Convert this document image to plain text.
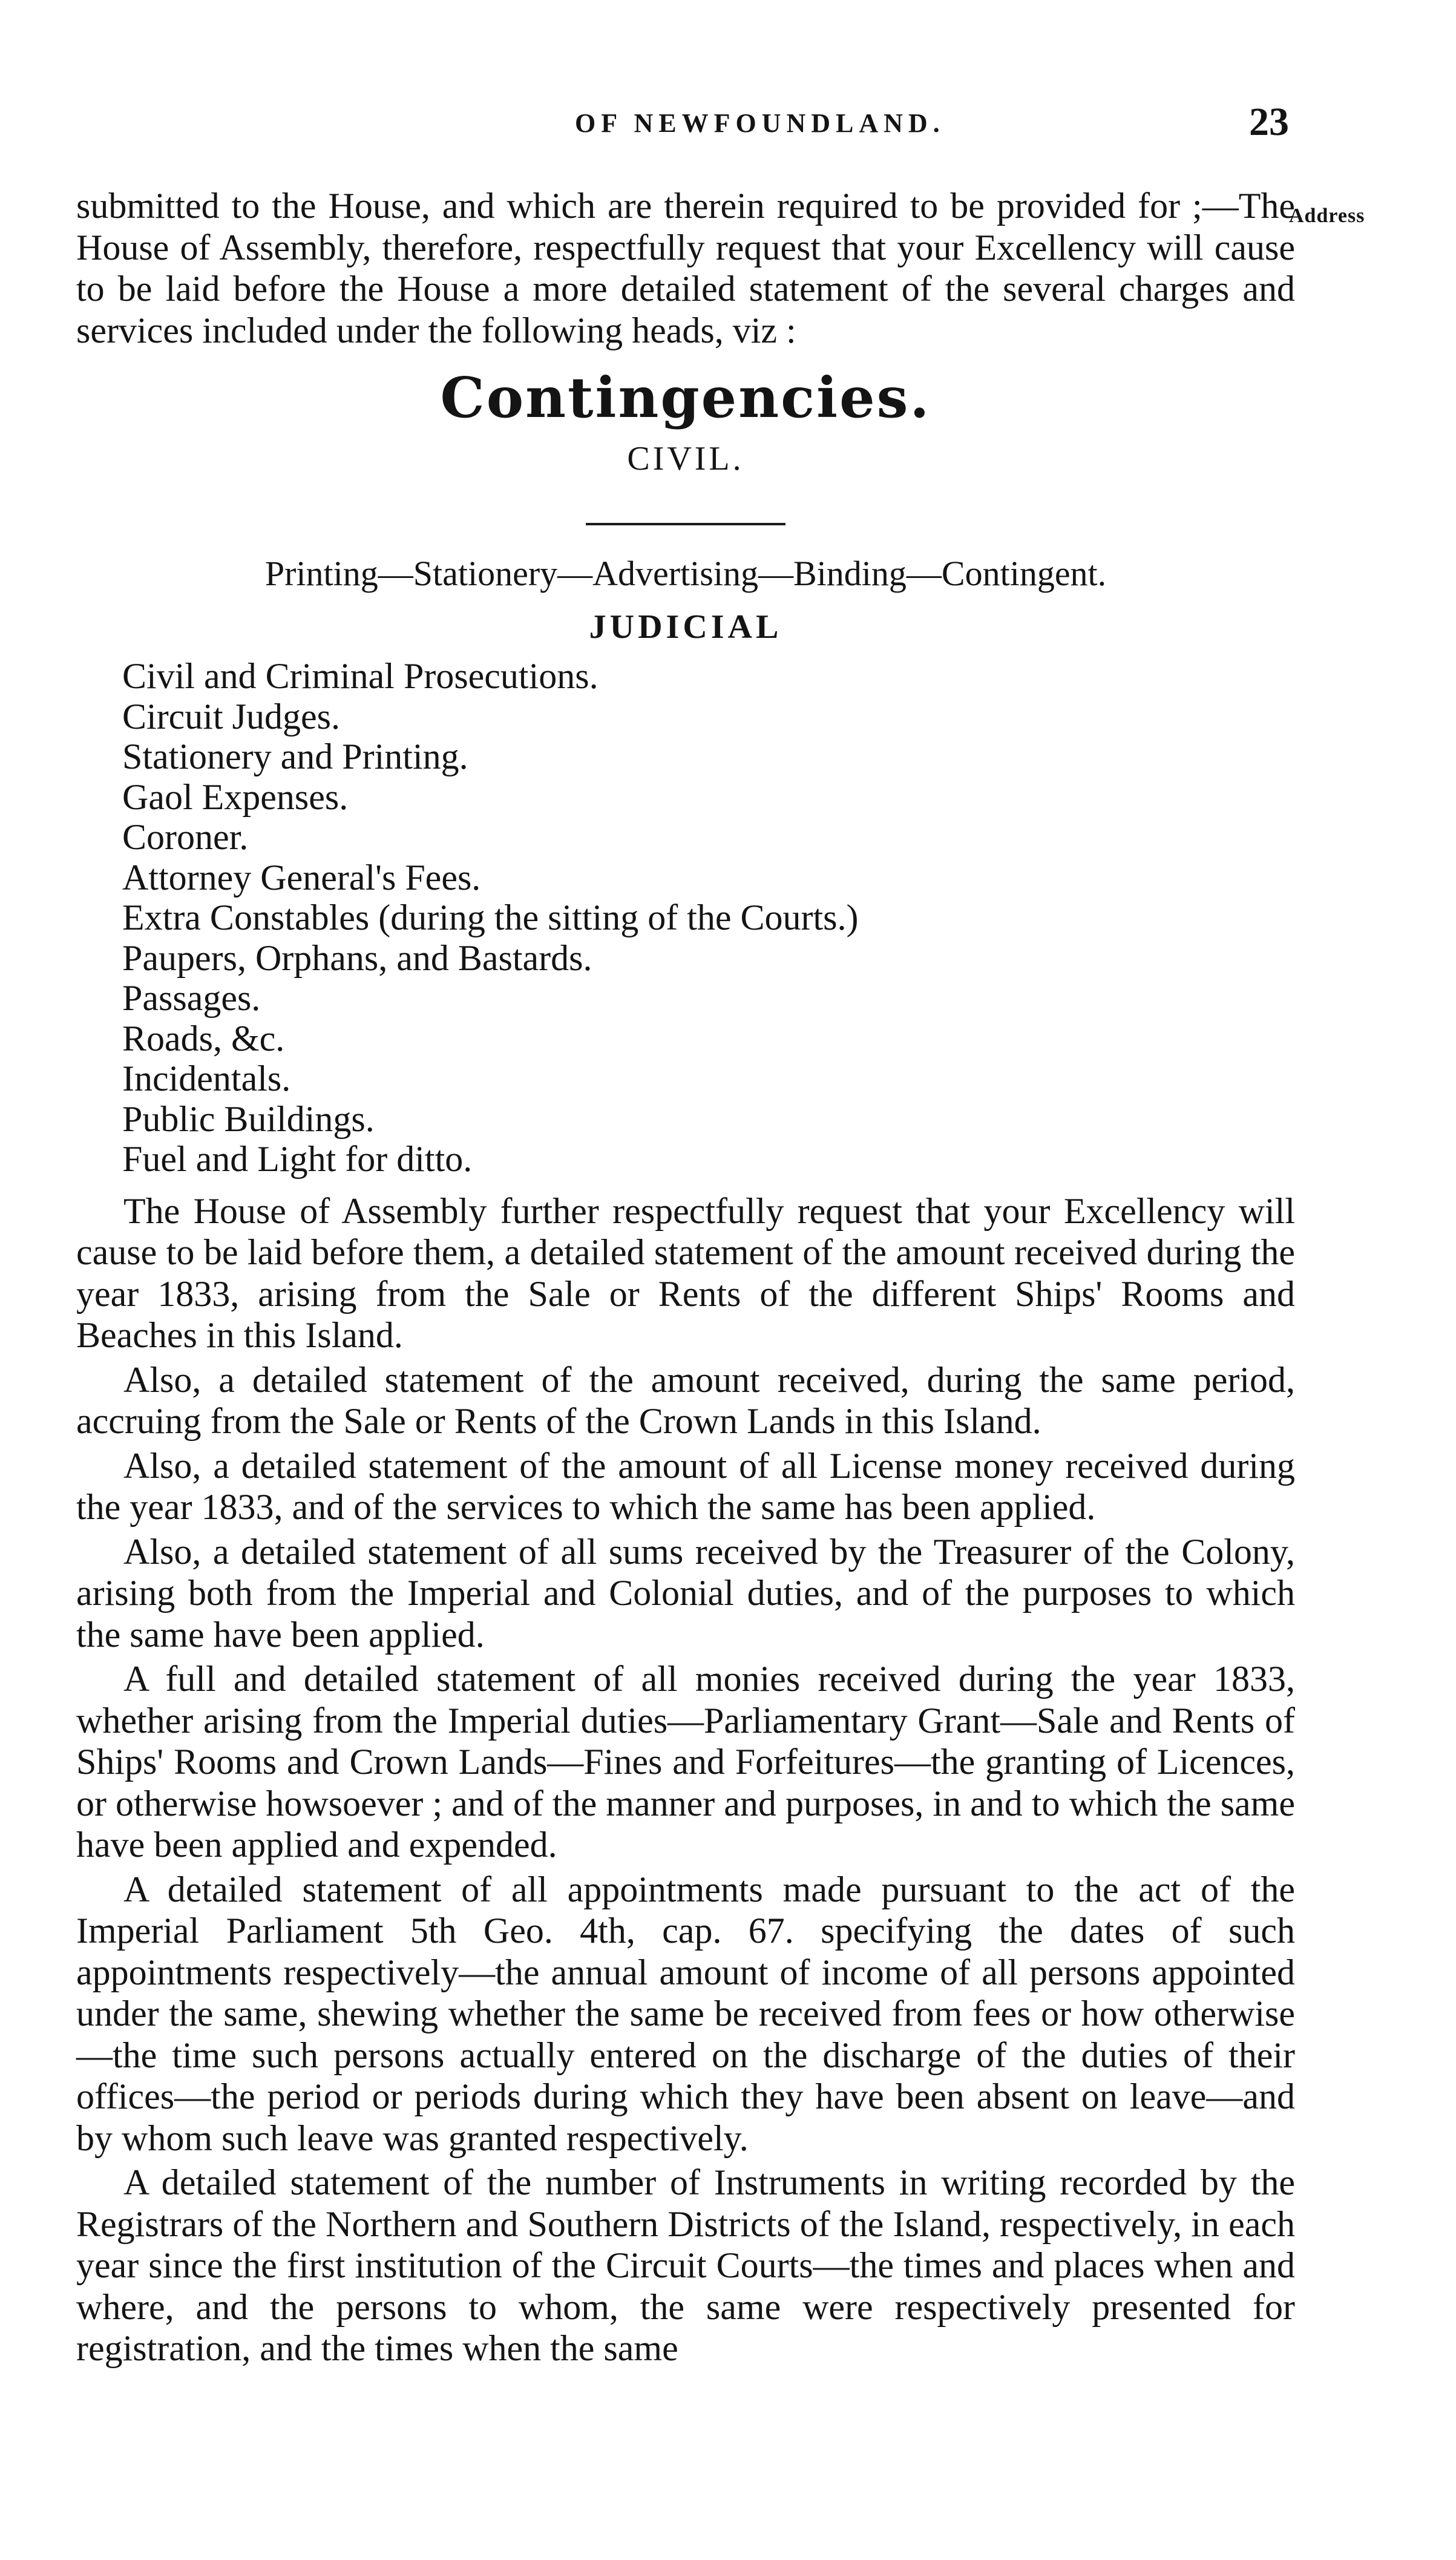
OF NEWFOUNDLAND.	23
Address

submitted to the House, and which are therein required to be provided for ;—The House of Assembly, therefore, respectfully request that your Excellency will cause to be laid before the House a more detailed statement of the several charges and services included under the following heads, viz :

Contingencies.
CIVIL.
Printing—Stationery—Advertising—Binding—Contingent.
JUDICIAL
Civil and Criminal Prosecutions.
Circuit Judges.
Stationery and Printing.
Gaol Expenses.
Coroner.
Attorney General's Fees.
Extra Constables (during the sitting of the Courts.)
Paupers, Orphans, and Bastards.
Passages.
Roads, &c.
Incidentals.
Public Buildings.
Fuel and Light for ditto.

The House of Assembly further respectfully request that your Excellency will cause to be laid before them, a detailed statement of the amount received during the year 1833, arising from the Sale or Rents of the different Ships' Rooms and Beaches in this Island.

Also, a detailed statement of the amount received, during the same period, accruing from the Sale or Rents of the Crown Lands in this Island.

Also, a detailed statement of the amount of all License money received during the year 1833, and of the services to which the same has been applied.

Also, a detailed statement of all sums received by the Treasurer of the Colony, arising both from the Imperial and Colonial duties, and of the purposes to which the same have been applied.

A full and detailed statement of all monies received during the year 1833, whether arising from the Imperial duties—Parliamentary Grant—Sale and Rents of Ships' Rooms and Crown Lands—Fines and Forfeitures—the granting of Licences, or otherwise howsoever ; and of the manner and purposes, in and to which the same have been applied and expended.

A detailed statement of all appointments made pursuant to the act of the Imperial Parliament 5th Geo. 4th, cap. 67. specifying the dates of such appointments respectively—the annual amount of income of all persons appointed under the same, shewing whether the same be received from fees or how otherwise—the time such persons actually entered on the discharge of the duties of their offices—the period or periods during which they have been absent on leave—and by whom such leave was granted respectively.

A detailed statement of the number of Instruments in writing recorded by the Registrars of the Northern and Southern Districts of the Island, respectively, in each year since the first institution of the Circuit Courts—the times and places when and where, and the persons to whom, the same were respectively presented for registration, and the times when the same
